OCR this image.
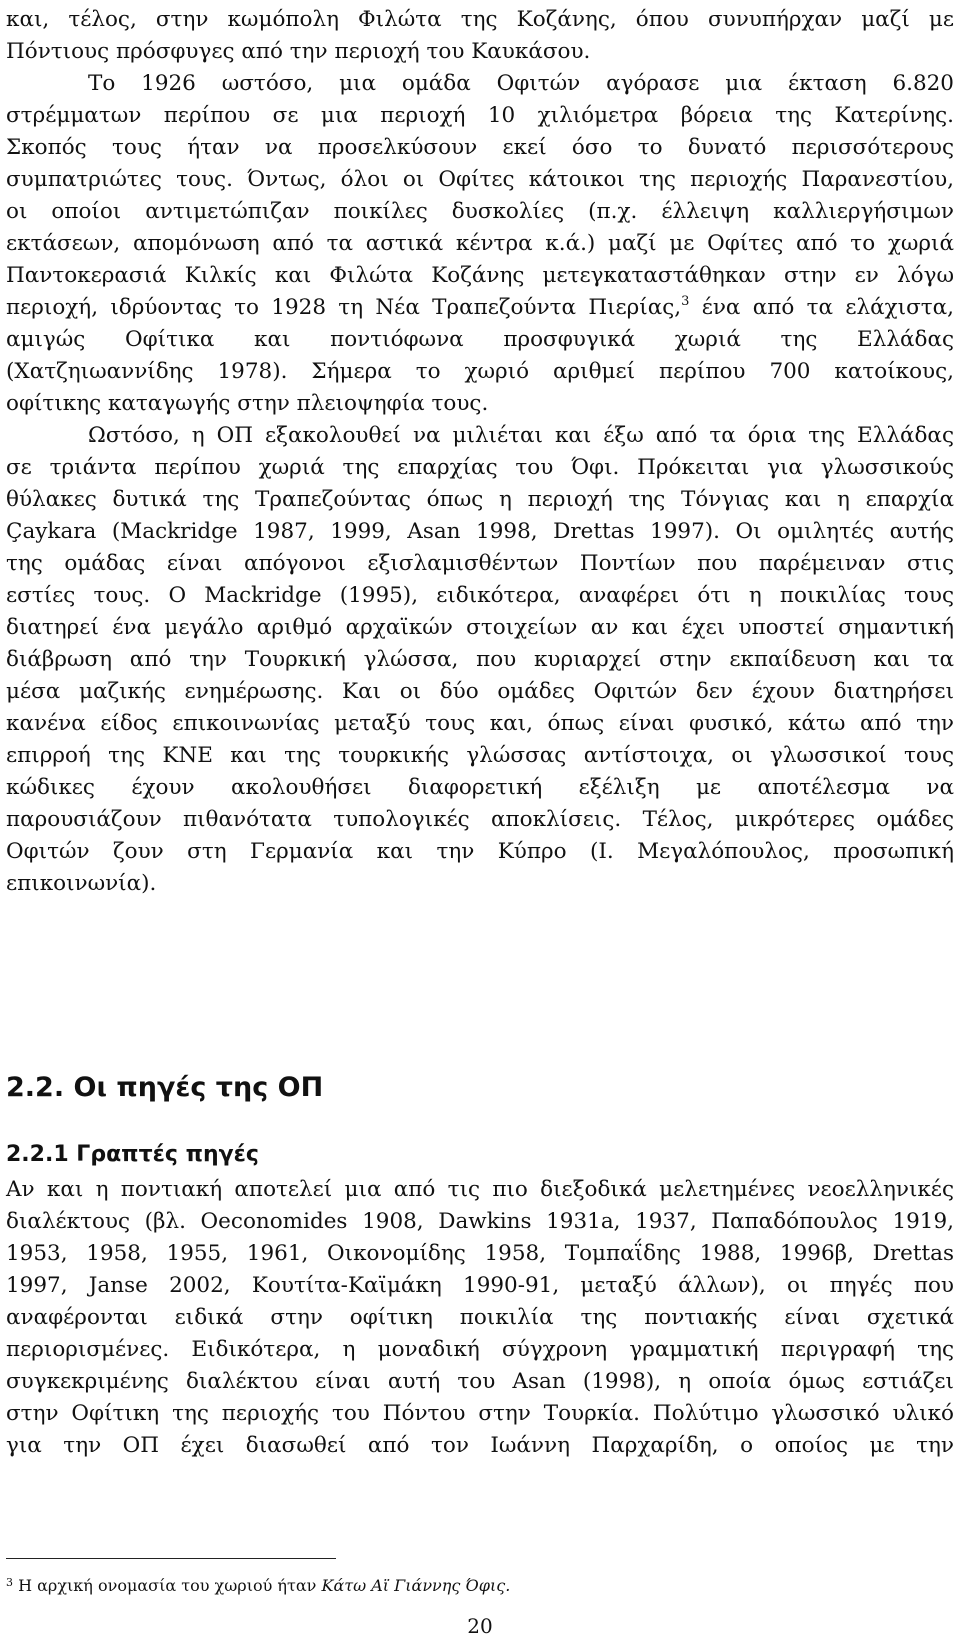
και, τέλος, στην κωμόπολη Φιλώτα της Κοζάνης, όπου συνυπήρχαν μαζί με
Πόντιους πρόσφυγες από την περιοχή του Καυκάσου.
Το 1926 ωστόσο, μια ομάδα Οφιτών αγόρασε μια έκταση 6.820
στρέμματων περίπου σε μια περιοχή 10 χιλιόμετρα βόρεια της Κατερίνης.
Σκοπός τους ήταν να προσελκύσουν εκεί όσο το δυνατό περισσότερους
συμπατριώτες τους. Όντως, όλοι οι Οφίτες κάτοικοι της περιοχής Παρανεστίου,
οι οποίοι αντιμετώπιζαν ποικίλες δυσκολίες (π.χ. έλλειψη καλλιεργήσιμων
εκτάσεων, απομόνωση από τα αστικά κέντρα κ.ά.) μαζί με Οφίτες από το χωριά
Παντοκερασιά Κιλκίς και Φιλώτα Κοζάνης μετεγκαταστάθηκαν στην εν λόγω
περιοχή, ιδρύοντας το 1928 τη Νέα Τραπεζούντα Πιερίας,$^3$ ένα από τα ελάχιστα,
αμιγώς Οφίτικα και ποντιόφωνα προσφυγικά χωριά της Ελλάδας
(Χατζηιωαννίδης 1978). Σήμερα το χωριό αριθμεί περίπου 700 κατοίκους,
οφίτικης καταγωγής στην πλειοψηφία τους.
Ωστόσο, η ΟΠ εξακολουθεί να μιλιέται και έξω από τα όρια της Ελλάδας
σε τριάντα περίπου χωριά της επαρχίας του Όφι. Πρόκειται για γλωσσικούς
θύλακες δυτικά της Τραπεζούντας όπως η περιοχή της Τόνγιας και η επαρχία
Çaykara (Mackridge 1987, 1999, Asan 1998, Drettas 1997). Οι ομιλητές αυτής
της ομάδας είναι απόγονοι εξισλαμισθέντων Ποντίων που παρέμειναν στις
εστίες τους. Ο Mackridge (1995), ειδικότερα, αναφέρει ότι η ποικιλίας τους
διατηρεί ένα μεγάλο αριθμό αρχαϊκών στοιχείων αν και έχει υποστεί σημαντική
διάβρωση από την Τουρκική γλώσσα, που κυριαρχεί στην εκπαίδευση και τα
μέσα μαζικής ενημέρωσης. Και οι δύο ομάδες Οφιτών δεν έχουν διατηρήσει
κανένα είδος επικοινωνίας μεταξύ τους και, όπως είναι φυσικό, κάτω από την
επιρροή της ΚΝΕ και της τουρκικής γλώσσας αντίστοιχα, οι γλωσσικοί τους
κώδικες έχουν ακολουθήσει διαφορετική εξέλιξη με αποτέλεσμα να
παρουσιάζουν πιθανότατα τυπολογικές αποκλίσεις. Τέλος, μικρότερες ομάδες
Οφιτών ζουν στη Γερμανία και την Κύπρο (Ι. Μεγαλόπουλος, προσωπική
επικοινωνία).
2.2. Οι πηγές της ΟΠ
2.2.1 Γραπτές πηγές
Αν και η ποντιακή αποτελεί μια από τις πιο διεξοδικά μελετημένες νεοελληνικές
διαλέκτους (βλ. Oeconomides 1908, Dawkins 1931a, 1937, Παπαδόπουλος 1919,
1953, 1958, 1955, 1961, Οικονομίδης 1958, Τομπαΐδης 1988, 1996β, Drettas
1997, Janse 2002, Κουτίτα-Καϊμάκη 1990-91, μεταξύ άλλων), οι πηγές που
αναφέρονται ειδικά στην οφίτικη ποικιλία της ποντιακής είναι σχετικά
περιορισμένες. Ειδικότερα, η μοναδική σύγχρονη γραμματική περιγραφή της
συγκεκριμένης διαλέκτου είναι αυτή του Asan (1998), η οποία όμως εστιάζει
στην Οφίτικη της περιοχής του Πόντου στην Τουρκία. Πολύτιμο γλωσσικό υλικό
για την ΟΠ έχει διασωθεί από τον Ιωάννη Παρχαρίδη, ο οποίος με την
$^3$ Η αρχική ονομασία του χωριού ήταν Κάτω Αϊ Γιάννης Όφις.
20
